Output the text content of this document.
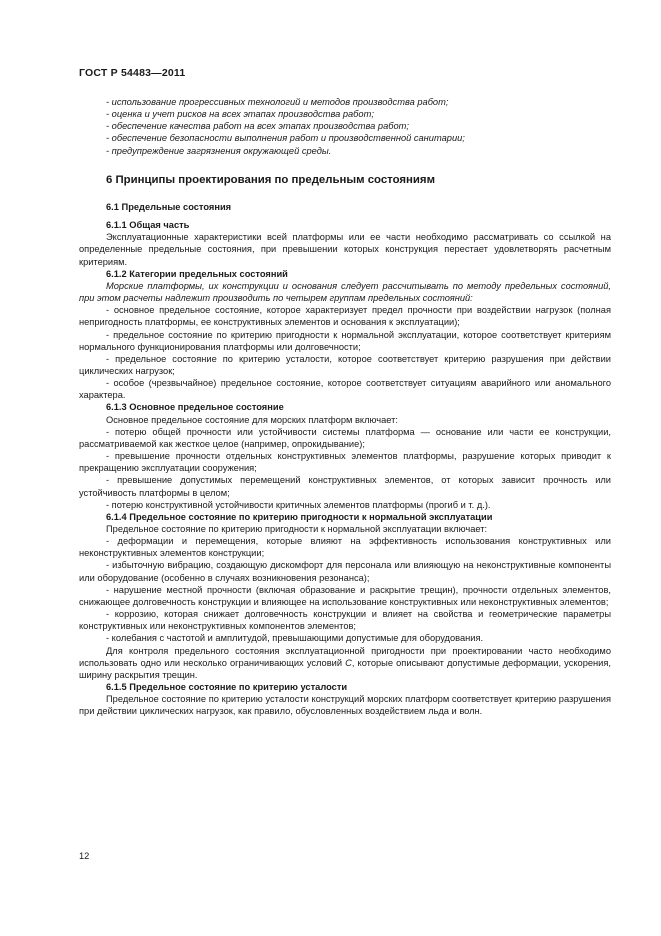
ГОСТ Р 54483—2011

- использование прогрессивных технологий и методов производства работ;

- оценка и учет рисков на всех этапах производства работ;

- обеспечение качества работ на всех этапах производства работ;

- обеспечение безопасности выполнения работ и производственной санитарии;

- предупреждение загрязнения окружающей среды.

6 Принципы проектирования по предельным состояниям

6.1 Предельные состояния

6.1.1 Общая часть

Эксплуатационные характеристики всей платформы или ее части необходимо рассматривать со ссылкой на определенные предельные состояния, при превышении которых конструкция перестает удовлетворять расчетным критериям.

6.1.2 Категории предельных состояний

Морские платформы, их конструкции и основания следует рассчитывать по методу предельных состояний, при этом расчеты надлежит производить по четырем группам предельных состояний:

- основное предельное состояние, которое характеризует предел прочности при воздействии нагрузок (полная непригодность платформы, ее конструктивных элементов и основания к эксплуатации);

- предельное состояние по критерию пригодности к нормальной эксплуатации, которое соответствует критериям нормального функционирования платформы или долговечности;

- предельное состояние по критерию усталости, которое соответствует критерию разрушения при действии циклических нагрузок;

- особое (чрезвычайное) предельное состояние, которое соответствует ситуациям аварийного или аномального характера.

6.1.3 Основное предельное состояние

Основное предельное состояние для морских платформ включает:

- потерю общей прочности или устойчивости системы платформа — основание или части ее конструкции, рассматриваемой как жесткое целое (например, опрокидывание);

- превышение прочности отдельных конструктивных элементов платформы, разрушение которых приводит к прекращению эксплуатации сооружения;

- превышение допустимых перемещений конструктивных элементов, от которых зависит прочность или устойчивость платформы в целом;

- потерю конструктивной устойчивости критичных элементов платформы (прогиб и т. д.).

6.1.4 Предельное состояние по критерию пригодности к нормальной эксплуатации

Предельное состояние по критерию пригодности к нормальной эксплуатации включает:

- деформации и перемещения, которые влияют на эффективность использования конструктивных или неконструктивных элементов конструкции;

- избыточную вибрацию, создающую дискомфорт для персонала или влияющую на неконструктивные компоненты или оборудование (особенно в случаях возникновения резонанса);

- нарушение местной прочности (включая образование и раскрытие трещин), прочности отдельных элементов, снижающее долговечность конструкции и влияющее на использование конструктивных или неконструктивных элементов;

- коррозию, которая снижает долговечность конструкции и влияет на свойства и геометрические параметры конструктивных или неконструктивных компонентов элементов;

- колебания с частотой и амплитудой, превышающими допустимые для оборудования.

Для контроля предельного состояния эксплуатационной пригодности при проектировании часто необходимо использовать одно или несколько ограничивающих условий C, которые описывают допустимые деформации, ускорения, ширину раскрытия трещин.

6.1.5 Предельное состояние по критерию усталости

Предельное состояние по критерию усталости конструкций морских платформ соответствует критерию разрушения при действии циклических нагрузок, как правило, обусловленных воздействием льда и волн.

12
